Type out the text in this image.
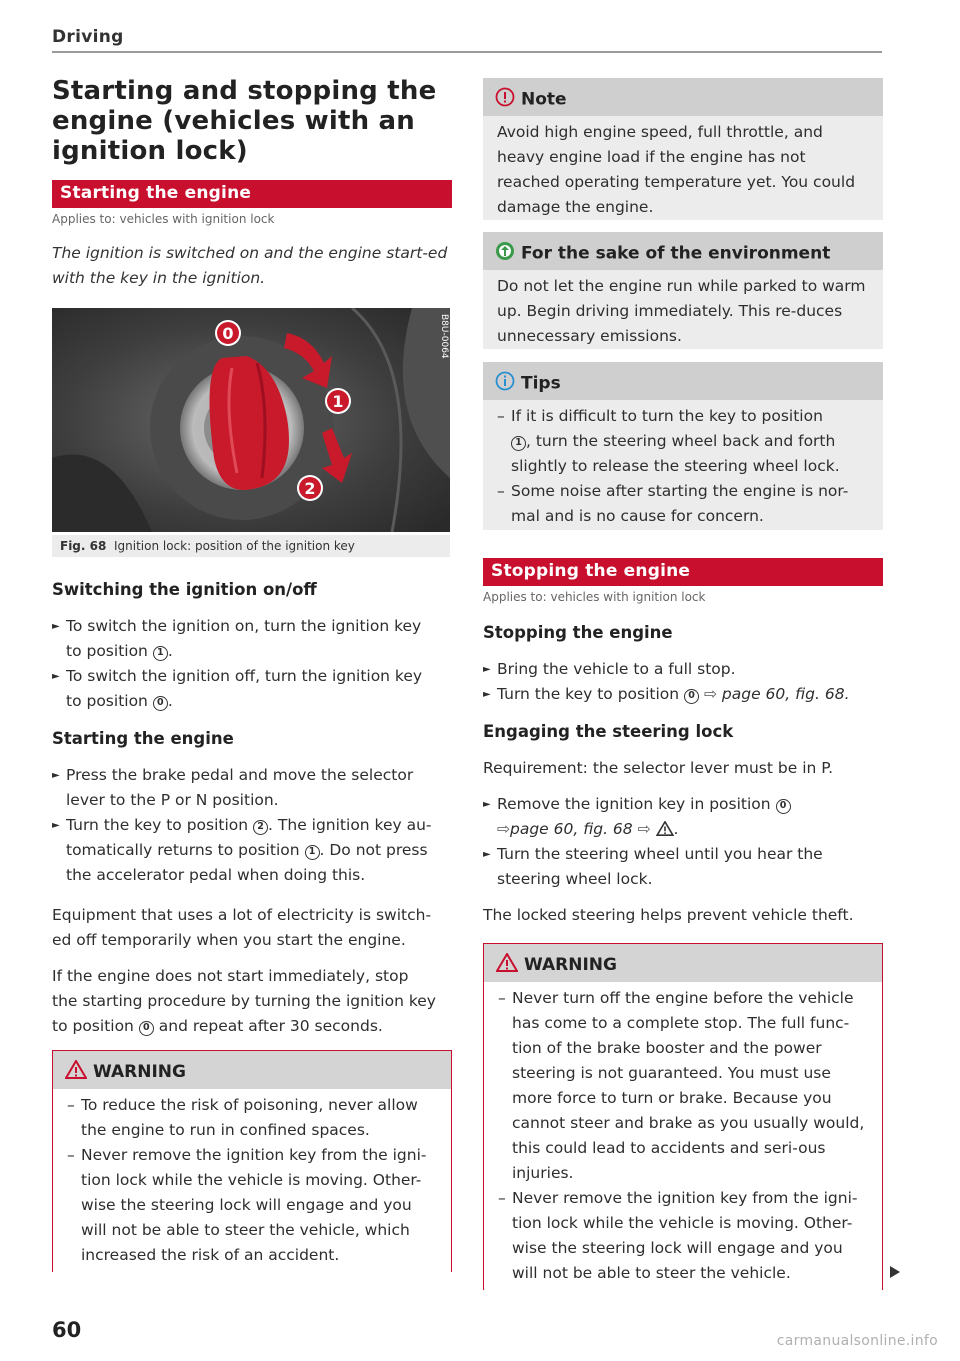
Driving
Starting and stopping the engine (vehicles with an ignition lock)
Starting the engine
Applies to: vehicles with ignition lock
The ignition is switched on and the engine start-ed with the key in the ignition.
0
1
2
B8U-0064
Fig. 68 Ignition lock: position of the ignition key
Switching the ignition on/off
► To switch the ignition on, turn the ignition key
to position 1 .
► To switch the ignition off, turn the ignition key
to position 0 .
Starting the engine
► Press the brake pedal and move the selector
lever to the P or N position.
► Turn the key to position 2 . The ignition key au-
tomatically returns to position 1 . Do not press
the accelerator pedal when doing this.
Equipment that uses a lot of electricity is switch-
ed off temporarily when you start the engine.
If the engine does not start immediately, stop
the starting procedure by turning the ignition key
to position 0 and repeat after 30 seconds.
WARNING
– To reduce the risk of poisoning, never allow the engine to run in confined spaces.
– Never remove the ignition key from the igni-tion lock while the vehicle is moving. Other-wise the steering lock will engage and you will not be able to steer the vehicle, which increased the risk of an accident.
Note
Avoid high engine speed, full throttle, and heavy engine load if the engine has not reached operating temperature yet. You could damage the engine.
For the sake of the environment
Do not let the engine run while parked to warm up. Begin driving immediately. This re-duces unnecessary emissions.
Tips
– If it is difficult to turn the key to position
1 , turn the steering wheel back and forth
slightly to release the steering wheel lock.
– Some noise after starting the engine is nor-
mal and is no cause for concern.
Stopping the engine
Applies to: vehicles with ignition lock
Stopping the engine
► Bring the vehicle to a full stop.
► Turn the key to position 0 ⇨ page 60, fig. 68.
Engaging the steering lock
Requirement: the selector lever must be in P.
► Remove the ignition key in position 0
⇨page 60, fig. 68 ⇨ .
► Turn the steering wheel until you hear the
steering wheel lock.
The locked steering helps prevent vehicle theft.
WARNING
– Never turn off the engine before the vehicle has come to a complete stop. The full func-tion of the brake booster and the power steering is not guaranteed. You must use more force to turn or brake. Because you cannot steer and brake as you usually would, this could lead to accidents and seri-ous injuries.
– Never remove the ignition key from the igni-tion lock while the vehicle is moving. Other-wise the steering lock will engage and you will not be able to steer the vehicle.
60	carmanualsonline.info
